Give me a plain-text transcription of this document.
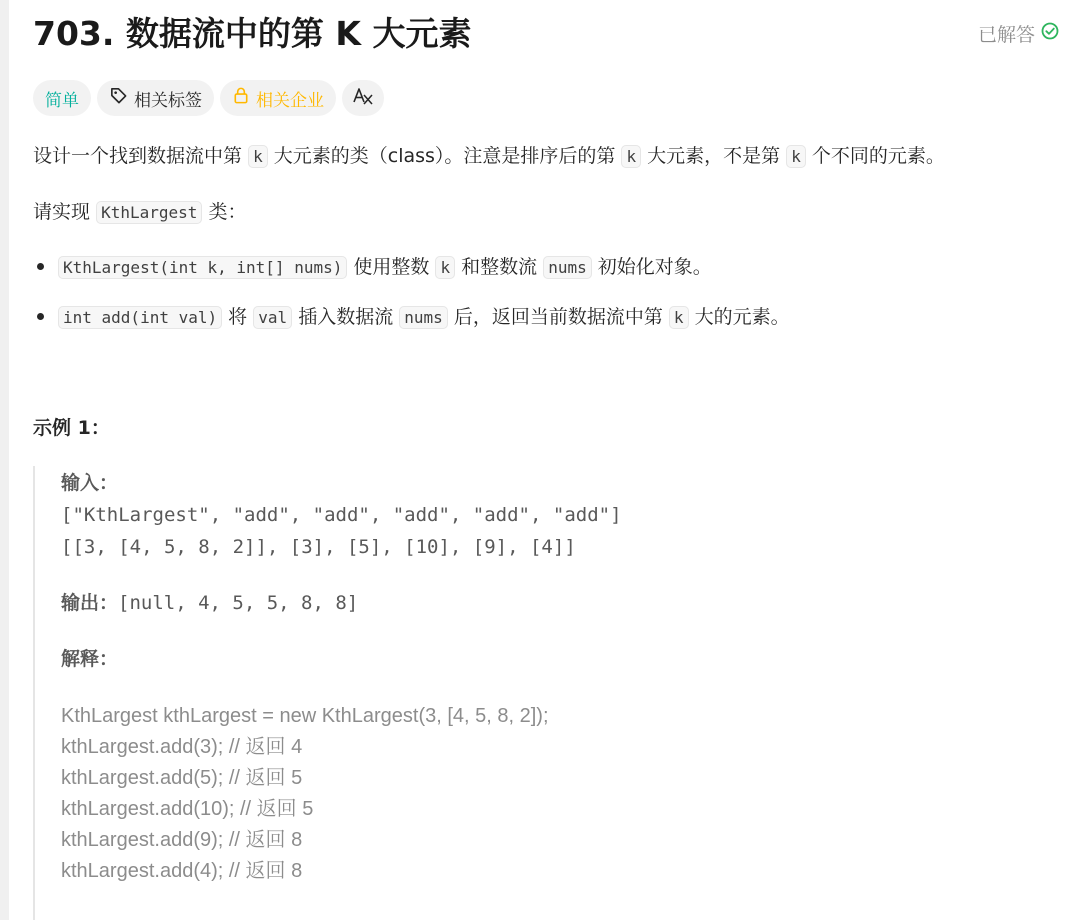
703. 数据流中的第 K 大元素	已解答
简单	相关标签	相关企业
设计一个找到数据流中第 k 大元素的类（class）。注意是排序后的第 k 大元素，不是第 k 个不同的元素。
请实现 KthLargest 类：
KthLargest(int k, int[] nums) 使用整数 k 和整数流 nums 初始化对象。
int add(int val) 将 val 插入数据流 nums 后，返回当前数据流中第 k 大的元素。
示例 1：
输入：
["KthLargest", "add", "add", "add", "add", "add"]
[[3, [4, 5, 8, 2]], [3], [5], [10], [9], [4]]
输出：[null, 4, 5, 5, 8, 8]
解释：
KthLargest kthLargest = new KthLargest(3, [4, 5, 8, 2]);
kthLargest.add(3); // 返回 4
kthLargest.add(5); // 返回 5
kthLargest.add(10); // 返回 5
kthLargest.add(9); // 返回 8
kthLargest.add(4); // 返回 8
